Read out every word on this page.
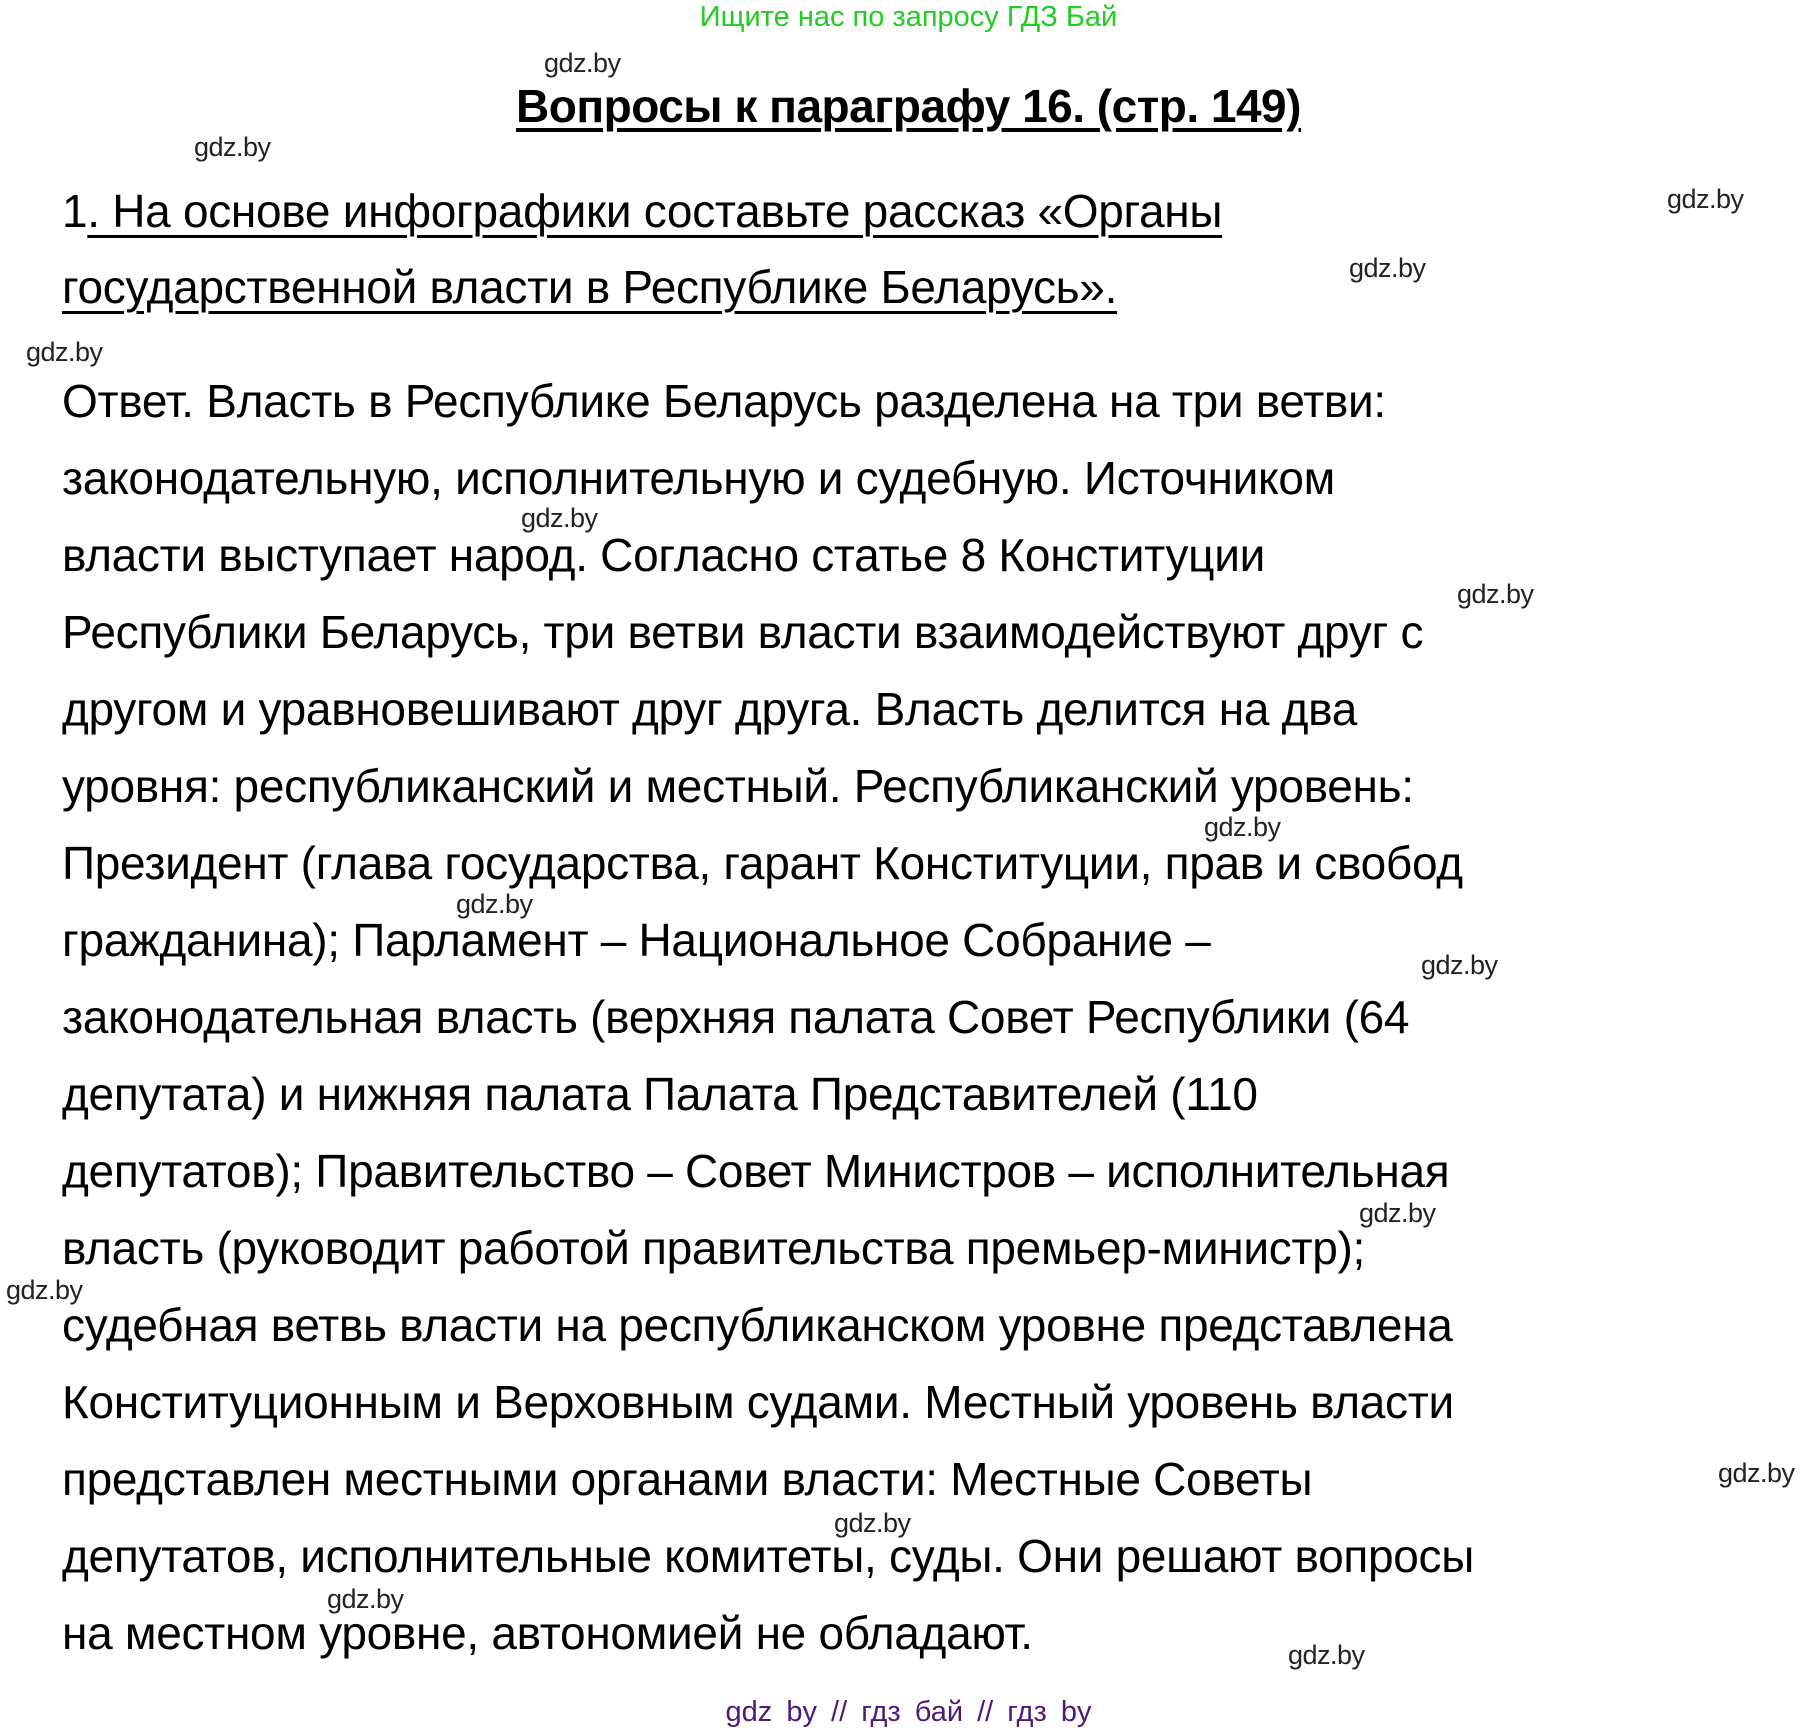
Ищите нас по запросу ГДЗ Бай
Вопросы к параграфу 16. (стр. 149)
1. На основе инфографики составьте рассказ «Органы
государственной власти в Республике Беларусь».
Ответ. Власть в Республике Беларусь разделена на три ветви:
законодательную, исполнительную и судебную. Источником
власти выступает народ. Согласно статье 8 Конституции
Республики Беларусь, три ветви власти взаимодействуют друг с
другом и уравновешивают друг друга. Власть делится на два
уровня: республиканский и местный. Республиканский уровень:
Президент (глава государства, гарант Конституции, прав и свобод
гражданина); Парламент – Национальное Собрание –
законодательная власть (верхняя палата Совет Республики (64
депутата) и нижняя палата Палата Представителей (110
депутатов); Правительство – Совет Министров – исполнительная
власть (руководит работой правительства премьер-министр);
судебная ветвь власти на республиканском уровне представлена
Конституционным и Верховным судами. Местный уровень власти
представлен местными органами власти: Местные Советы
депутатов, исполнительные комитеты, суды. Они решают вопросы
на местном уровне, автономией не обладают.
gdz.by
gdz.by
gdz.by
gdz.by
gdz.by
gdz.by
gdz.by
gdz.by
gdz.by
gdz.by
gdz.by
gdz.by
gdz.by
gdz.by
gdz.by
gdz.by
gdz by // гдз бай // гдз by
